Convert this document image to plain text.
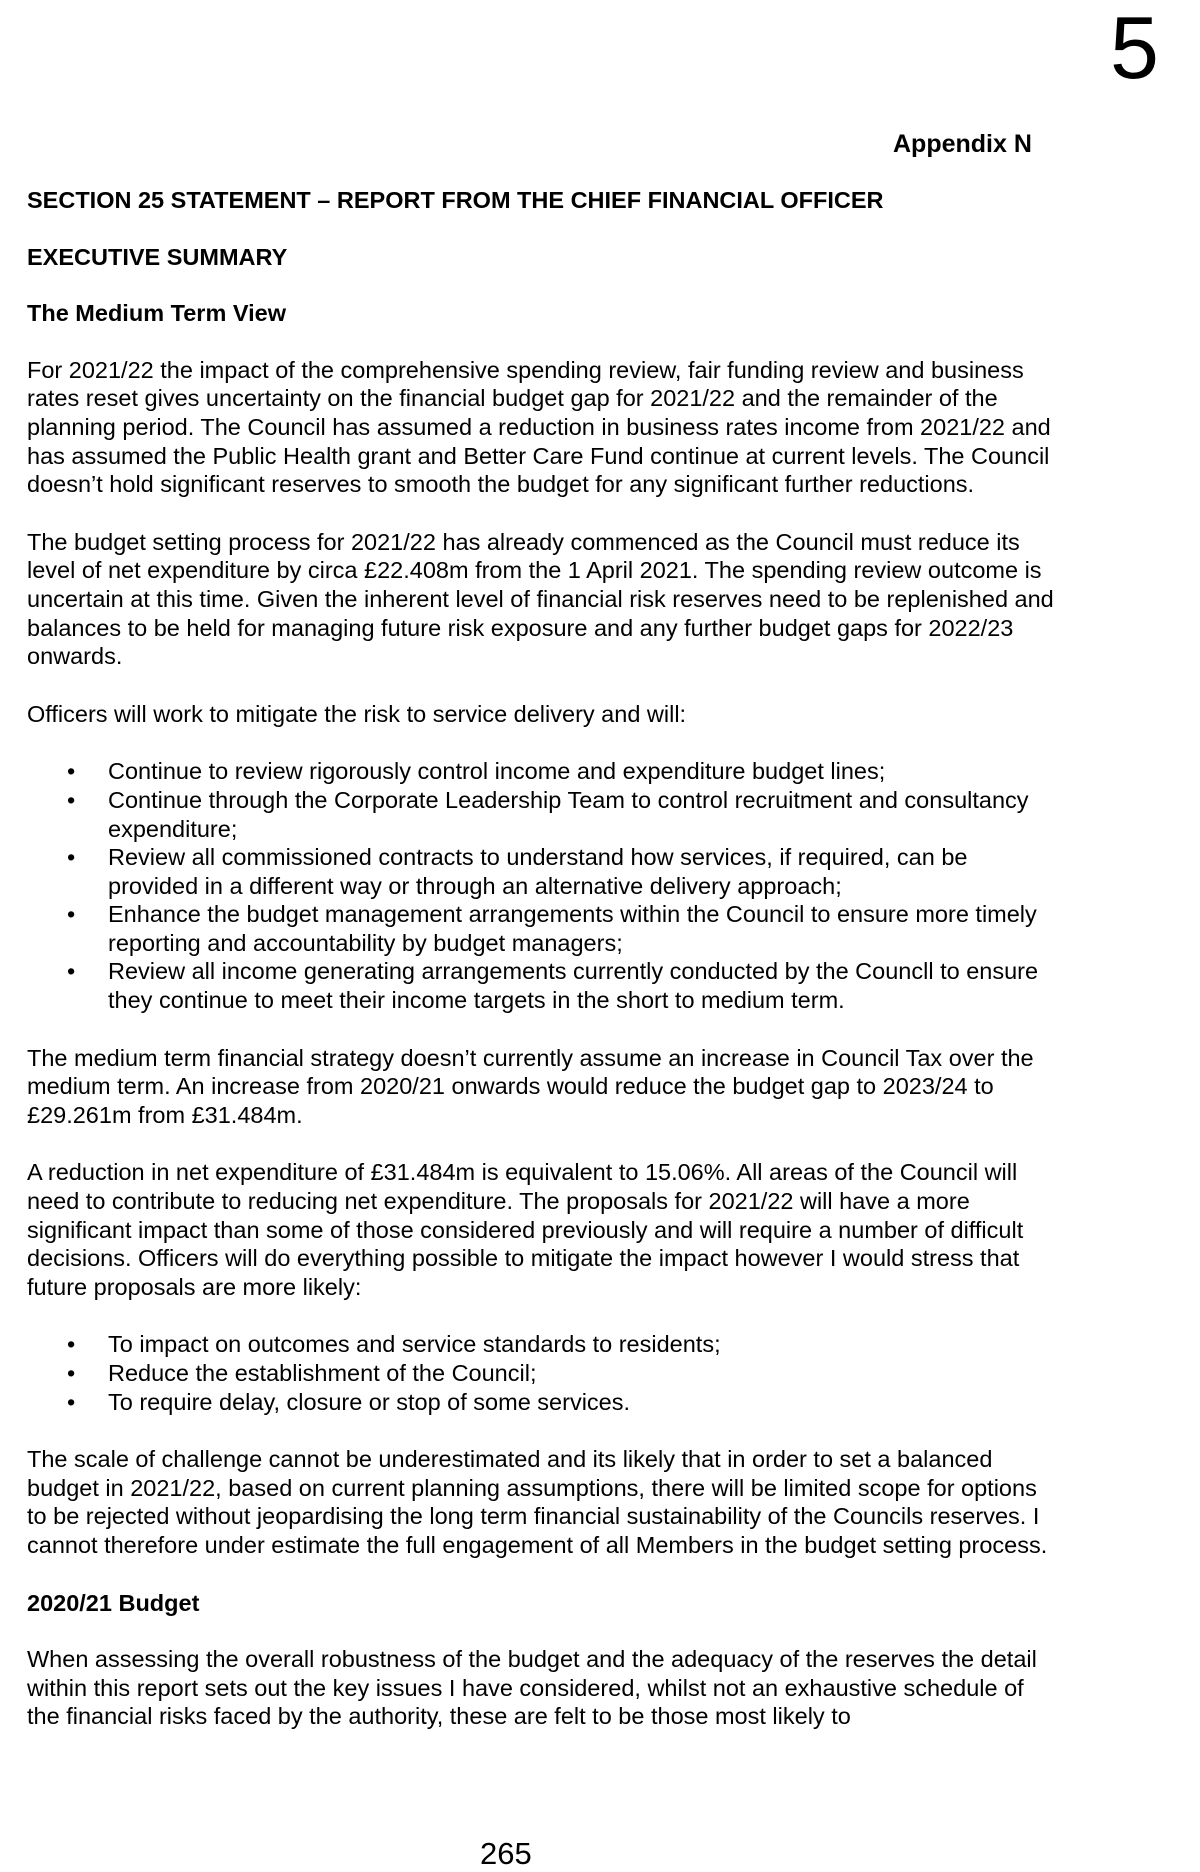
5
Appendix N
SECTION 25 STATEMENT – REPORT FROM THE CHIEF FINANCIAL OFFICER
EXECUTIVE SUMMARY
The Medium Term View
For 2021/22 the impact of the comprehensive spending review, fair funding review and business rates reset gives uncertainty on the financial budget gap for 2021/22 and the remainder of the planning period. The Council has assumed a reduction in business rates income from 2021/22 and has assumed the Public Health grant and Better Care Fund continue at current levels. The Council doesn’t hold significant reserves to smooth the budget for any significant further reductions.
The budget setting process for 2021/22 has already commenced as the Council must reduce its level of net expenditure by circa £22.408m from the 1 April 2021. The spending review outcome is uncertain at this time. Given the inherent level of financial risk reserves need to be replenished and balances to be held for managing future risk exposure and any further budget gaps for 2022/23 onwards.
Officers will work to mitigate the risk to service delivery and will:
• Continue to review rigorously control income and expenditure budget lines;
• Continue through the Corporate Leadership Team to control recruitment and consultancy expenditure;
• Review all commissioned contracts to understand how services, if required, can be provided in a different way or through an alternative delivery approach;
• Enhance the budget management arrangements within the Council to ensure more timely reporting and accountability by budget managers;
• Review all income generating arrangements currently conducted by the Councll to ensure they continue to meet their income targets in the short to medium term.
The medium term financial strategy doesn’t currently assume an increase in Council Tax over the medium term. An increase from 2020/21 onwards would reduce the budget gap to 2023/24 to £29.261m from £31.484m.
A reduction in net expenditure of £31.484m is equivalent to 15.06%. All areas of the Council will need to contribute to reducing net expenditure. The proposals for 2021/22 will have a more significant impact than some of those considered previously and will require a number of difficult decisions. Officers will do everything possible to mitigate the impact however I would stress that future proposals are more likely:
• To impact on outcomes and service standards to residents;
• Reduce the establishment of the Council;
• To require delay, closure or stop of some services.
The scale of challenge cannot be underestimated and its likely that in order to set a balanced budget in 2021/22, based on current planning assumptions, there will be limited scope for options to be rejected without jeopardising the long term financial sustainability of the Councils reserves. I cannot therefore under estimate the full engagement of all Members in the budget setting process.
2020/21 Budget
When assessing the overall robustness of the budget and the adequacy of the reserves the detail within this report sets out the key issues I have considered, whilst not an exhaustive schedule of the financial risks faced by the authority, these are felt to be those most likely to
265
